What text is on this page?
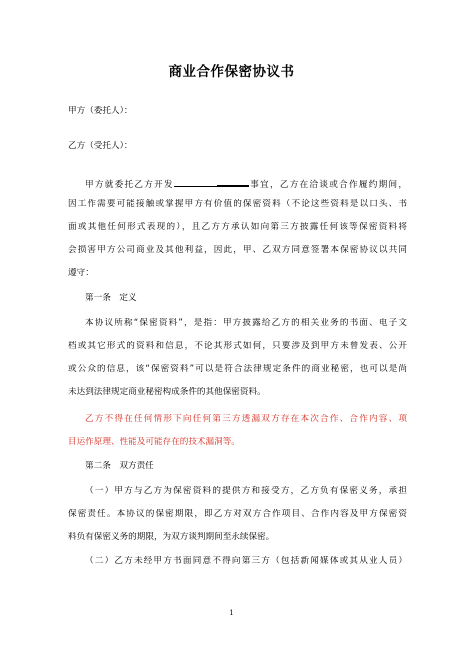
商业合作保密协议书
甲方（委托人）：
乙方（受托人）：
甲方就委托乙方开发	事宜，乙方在洽谈或合作履约期间，
因工作需要可能接触或掌握甲方有价值的保密资料（不论这些资料是以口头、书
面或其他任何形式表现的），且乙方方承认如向第三方披露任何该等保密资料将
会损害甲方公司商业及其他利益，因此，甲、乙双方同意签署本保密协议以共同
遵守：
第一条　定义
本协议所称“保密资料”，是指：甲方披露给乙方的相关业务的书面、电子文
档或其它形式的资料和信息，不论其形式如何，只要涉及到甲方未曾发表、公开
或公众的信息，该“保密资料”可以是符合法律规定条件的商业秘密，也可以是尚
未达到法律规定商业秘密构成条件的其他保密资料。
乙方不得在任何情形下向任何第三方透漏双方存在本次合作、合作内容、项
目运作原理、性能及可能存在的技术漏洞等。
第二条　双方责任
（一）甲方与乙方为保密资料的提供方和接受方，乙方负有保密义务，承担
保密责任。本协议的保密期限，即乙方对双方合作项目、合作内容及甲方保密资
料负有保密义务的期限，为双方谈判期间至永续保密。
（二）乙方未经甲方书面同意不得向第三方（包括新闻媒体或其从业人员）
1
